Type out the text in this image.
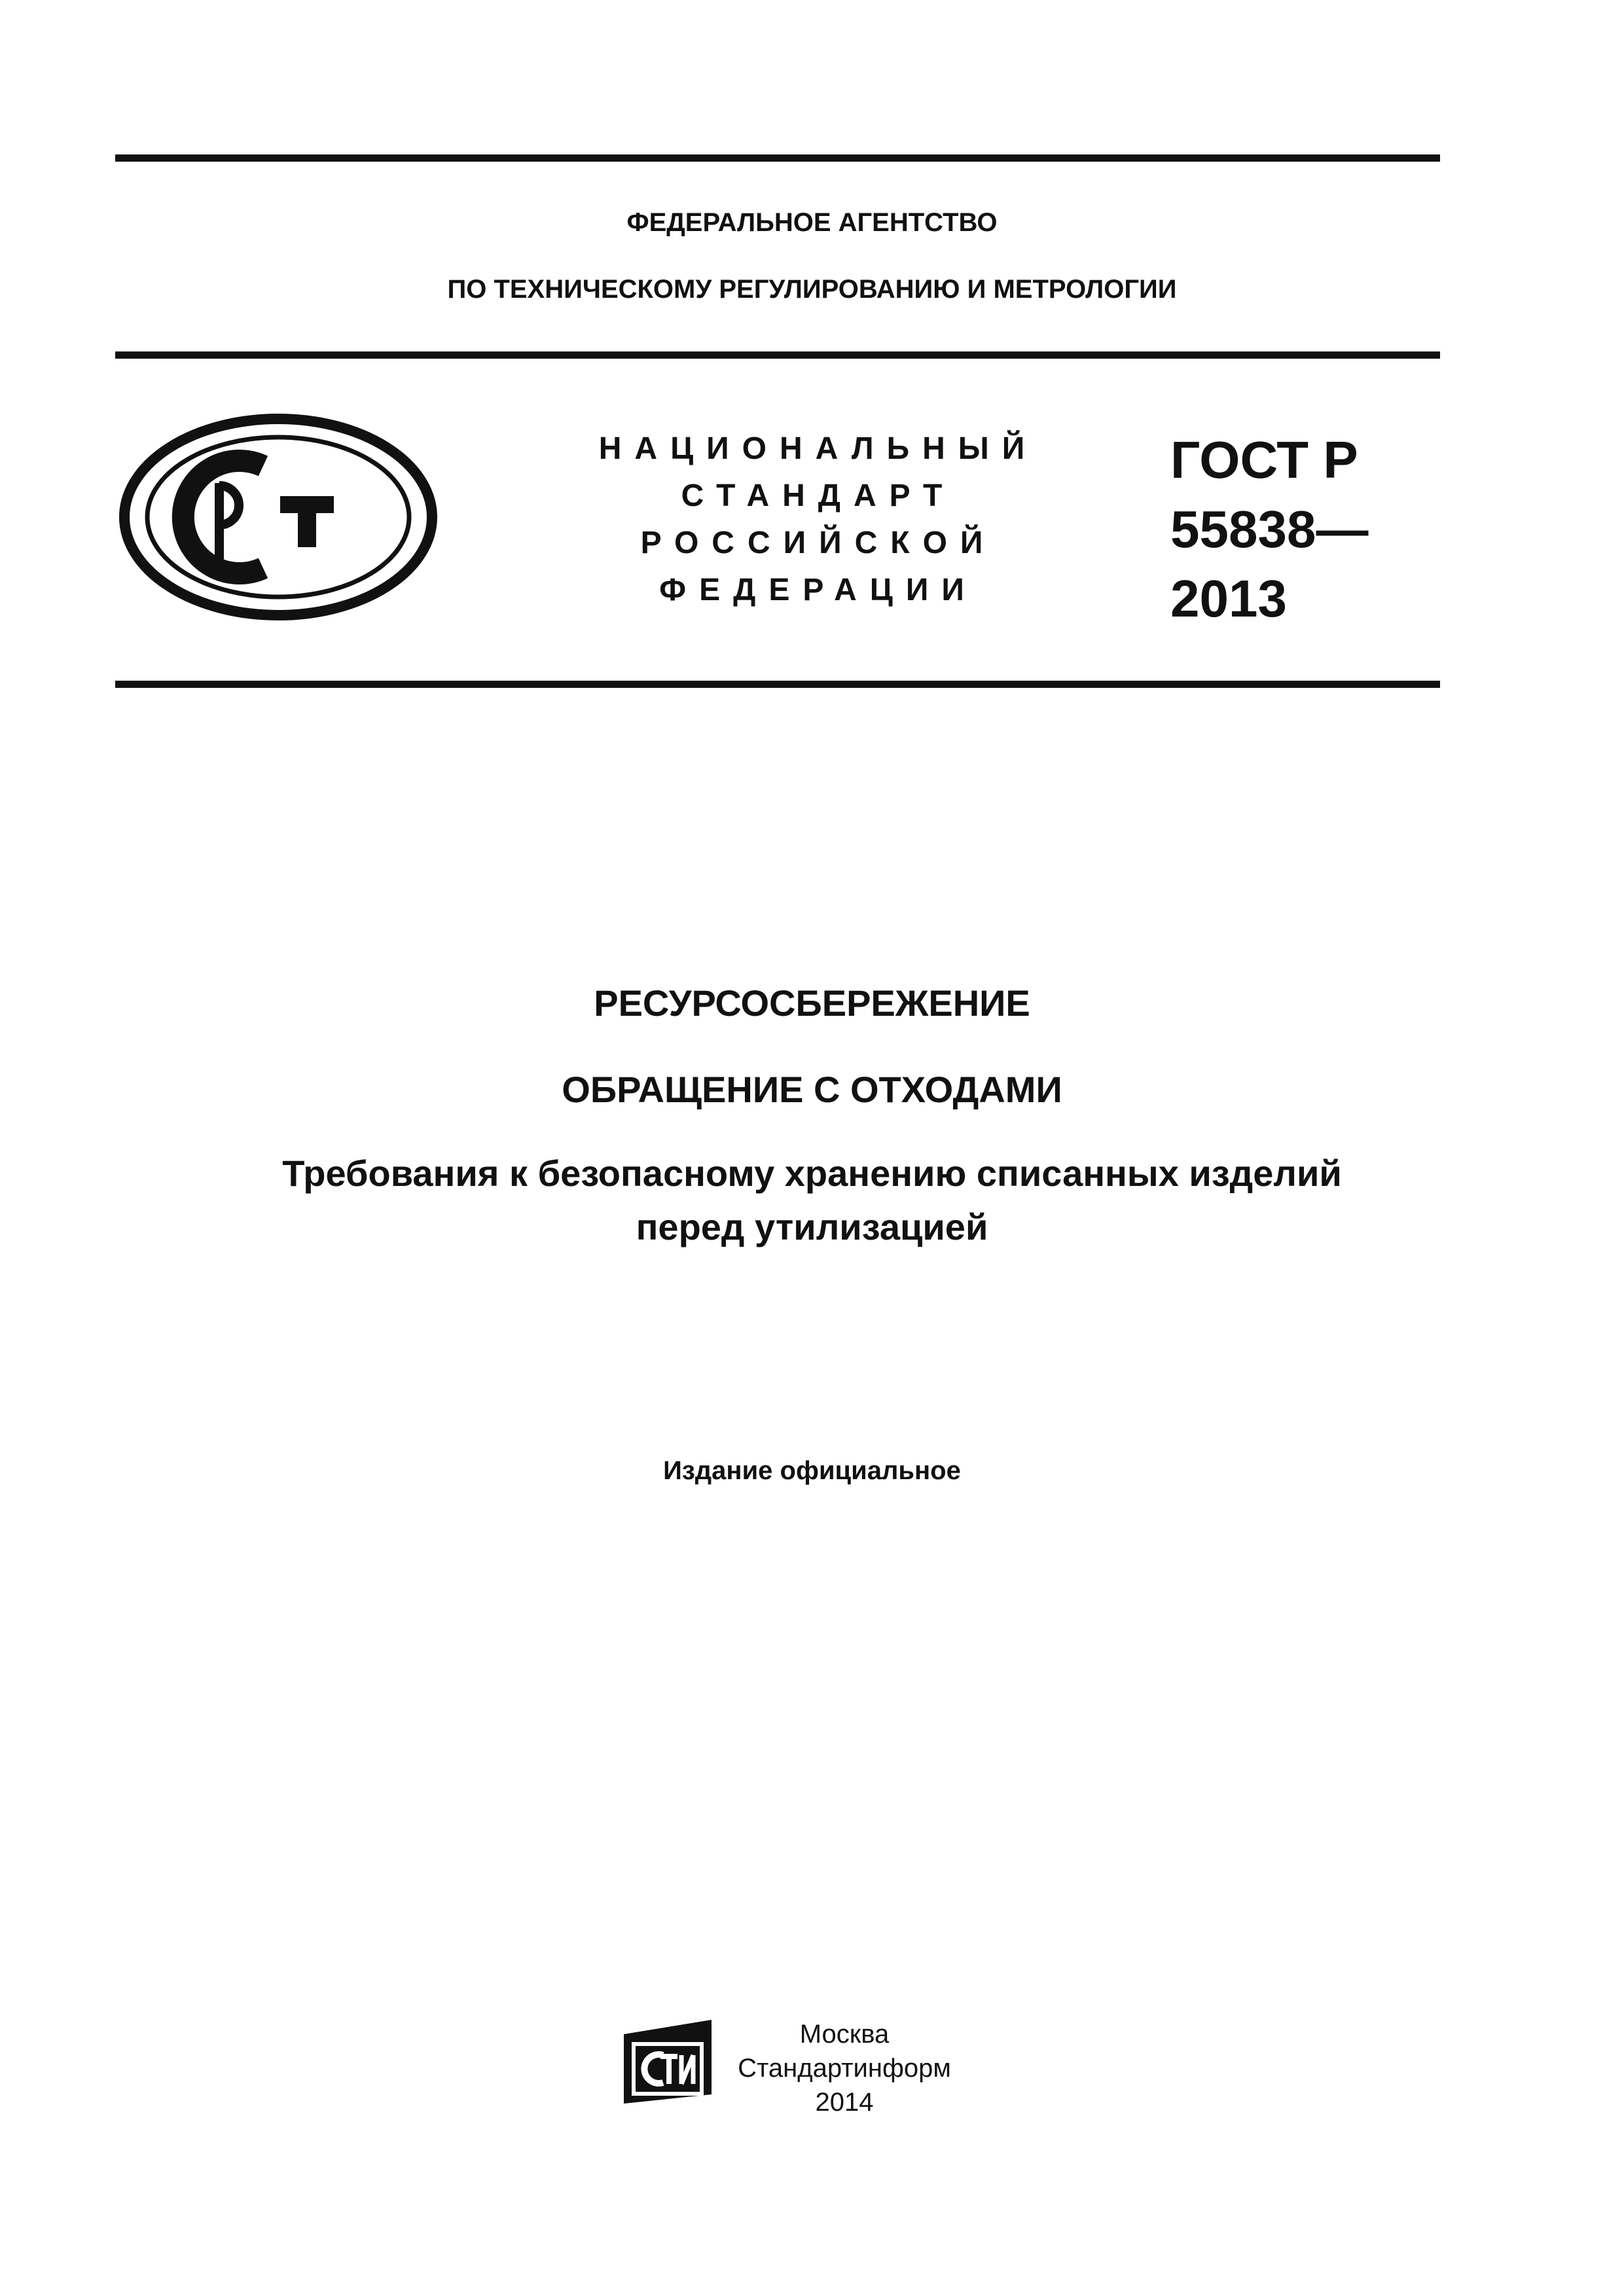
ФЕДЕРАЛЬНОЕ АГЕНТСТВО
ПО ТЕХНИЧЕСКОМУ РЕГУЛИРОВАНИЮ И МЕТРОЛОГИИ
НАЦИОНАЛЬНЫЙ
СТАНДАРТ
РОССИЙСКОЙ
ФЕДЕРАЦИИ
ГОСТ Р
55838—
2013
РЕСУРСОСБЕРЕЖЕНИЕ
ОБРАЩЕНИЕ С ОТХОДАМИ
Требования к безопасному хранению списанных изделий
перед утилизацией
Издание официальное
Москва
Стандартинформ
2014
